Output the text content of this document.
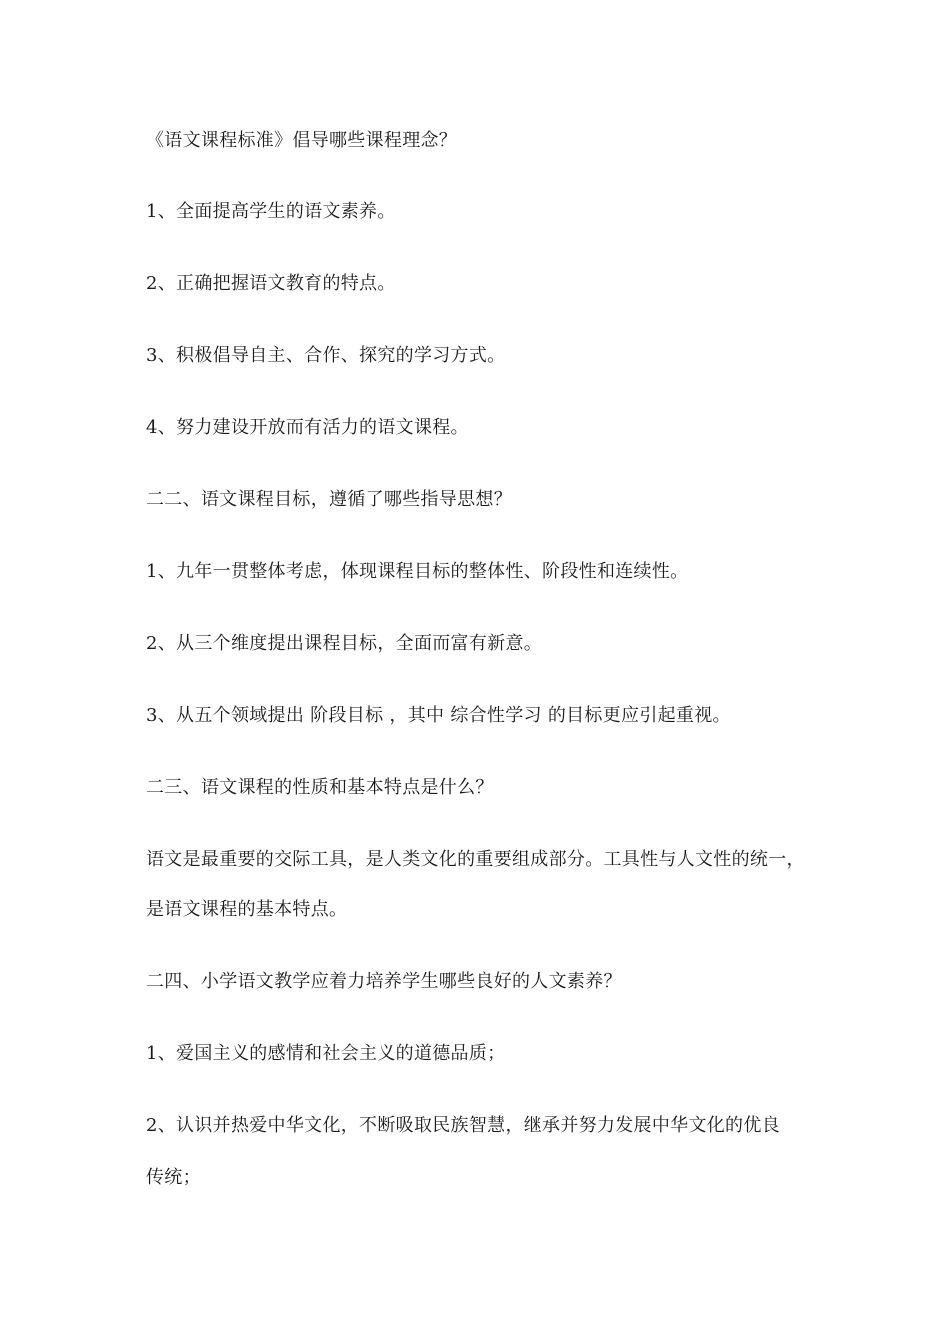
《语文课程标准》倡导哪些课程理念？
1、全面提高学生的语文素养。
2、正确把握语文教育的特点。
3、积极倡导自主、合作、探究的学习方式。
4、努力建设开放而有活力的语文课程。
二二、语文课程目标，遵循了哪些指导思想？
1、九年一贯整体考虑，体现课程目标的整体性、阶段性和连续性。
2、从三个维度提出课程目标，全面而富有新意。
3、从五个领域提出 阶段目标 ，其中 综合性学习 的目标更应引起重视。
二三、语文课程的性质和基本特点是什么？
语文是最重要的交际工具，是人类文化的重要组成部分。工具性与人文性的统一，
是语文课程的基本特点。
二四、小学语文教学应着力培养学生哪些良好的人文素养？
1、爱国主义的感情和社会主义的道德品质；
2、认识并热爱中华文化，不断吸取民族智慧，继承并努力发展中华文化的优良
传统；
